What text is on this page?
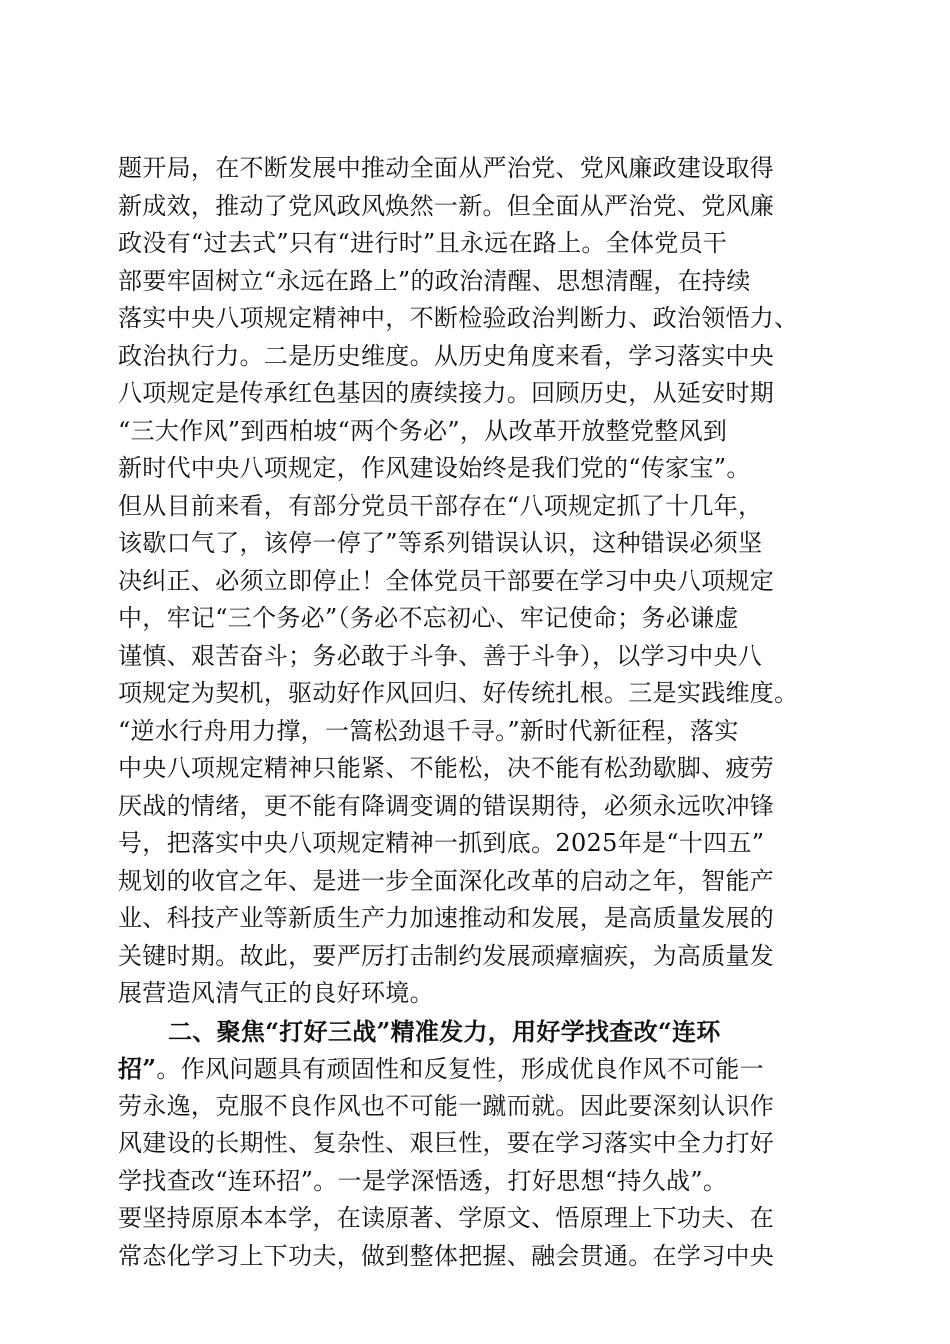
题开局，在不断发展中推动全面从严治党、党风廉政建设取得
新成效，推动了党风政风焕然一新。但全面从严治党、党风廉
政没有“过去式”只有“进行时”且永远在路上。全体党员干
部要牢固树立“永远在路上”的政治清醒、思想清醒，在持续
落实中央八项规定精神中，不断检验政治判断力、政治领悟力、
政治执行力。二是历史维度。从历史角度来看，学习落实中央
八项规定是传承红色基因的赓续接力。回顾历史，从延安时期
“三大作风”到西柏坡“两个务必”，从改革开放整党整风到
新时代中央八项规定，作风建设始终是我们党的“传家宝”。
但从目前来看，有部分党员干部存在“八项规定抓了十几年，
该歇口气了，该停一停了”等系列错误认识，这种错误必须坚
决纠正、必须立即停止！全体党员干部要在学习中央八项规定
中，牢记“三个务必”（务必不忘初心、牢记使命；务必谦虚
谨慎、艰苦奋斗；务必敢于斗争、善于斗争），以学习中央八
项规定为契机，驱动好作风回归、好传统扎根。三是实践维度。
“逆水行舟用力撑，一篙松劲退千寻。”新时代新征程，落实
中央八项规定精神只能紧、不能松，决不能有松劲歇脚、疲劳
厌战的情绪，更不能有降调变调的错误期待，必须永远吹冲锋
号，把落实中央八项规定精神一抓到底。2025年是“十四五”
规划的收官之年、是进一步全面深化改革的启动之年，智能产
业、科技产业等新质生产力加速推动和发展，是高质量发展的
关键时期。故此，要严厉打击制约发展顽瘴痼疾，为高质量发
展营造风清气正的良好环境。
二、聚焦“打好三战”精准发力，用好学找查改“连环
招”。作风问题具有顽固性和反复性，形成优良作风不可能一
劳永逸，克服不良作风也不可能一蹴而就。因此要深刻认识作
风建设的长期性、复杂性、艰巨性，要在学习落实中全力打好
学找查改“连环招”。一是学深悟透，打好思想“持久战”。
要坚持原原本本学，在读原著、学原文、悟原理上下功夫、在
常态化学习上下功夫，做到整体把握、融会贯通。在学习中央
